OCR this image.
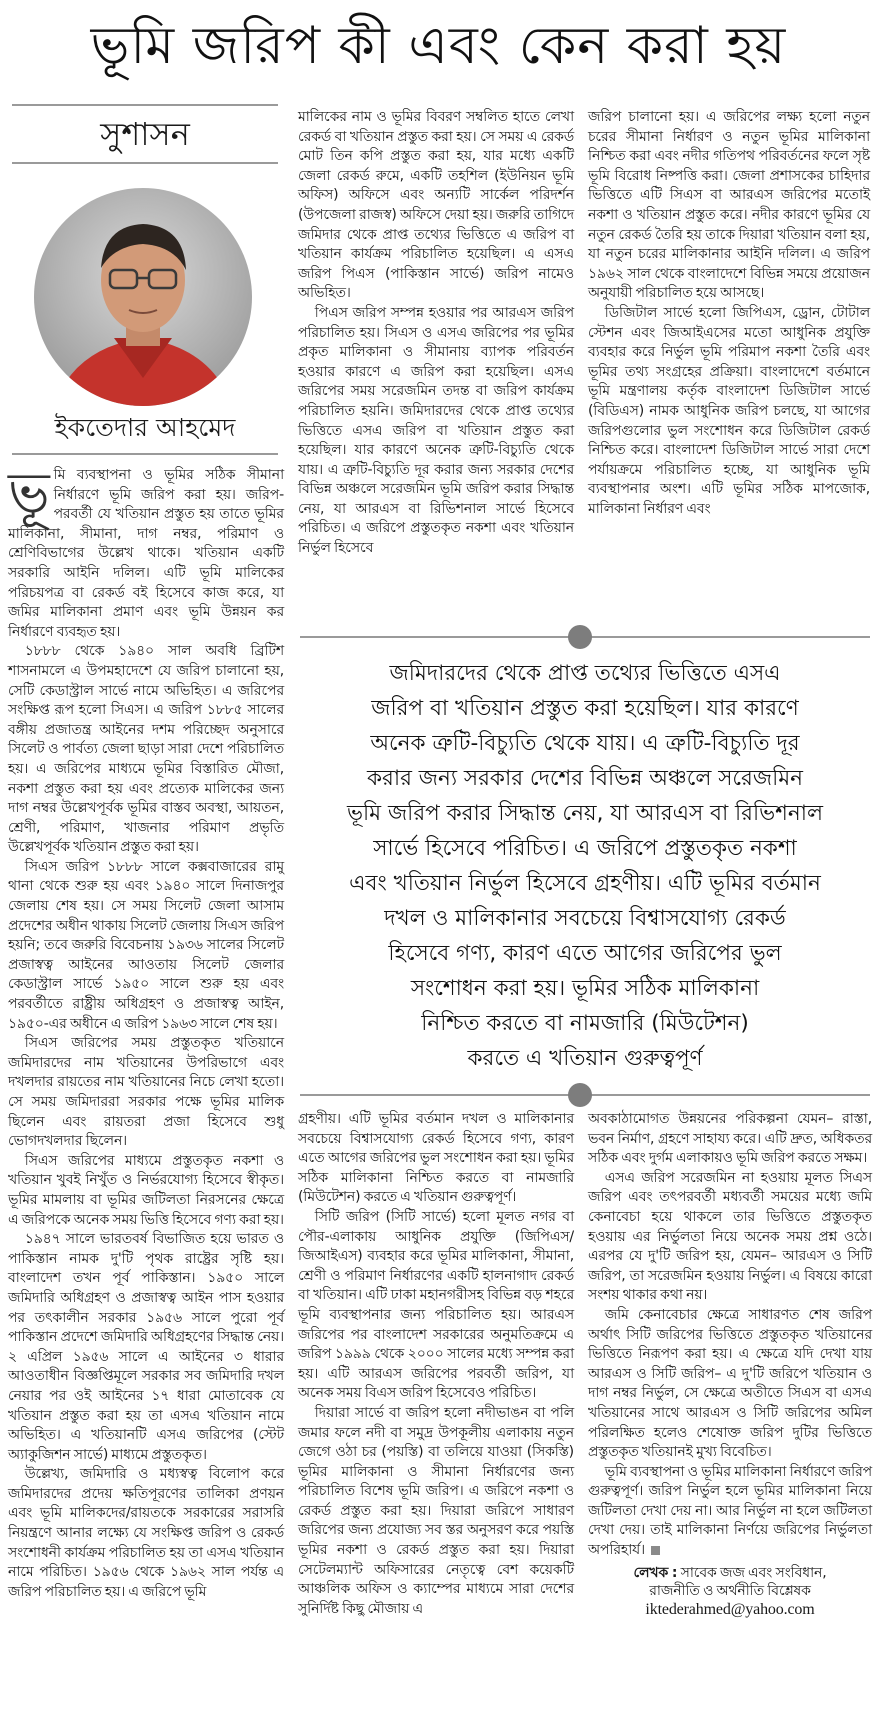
ভূমি জরিপ কী এবং কেন করা হয়
সুশাসন
ইকতেদার আহমেদ

ভূমি ব্যবস্থাপনা ও ভূমির সঠিক সীমানা নির্ধারণে ভূমি জরিপ করা হয়। জরিপ-পরবর্তী যে খতিয়ান প্রস্তুত হয় তাতে ভূমির মালিকানা, সীমানা, দাগ নম্বর, পরিমাণ ও শ্রেণিবিভাগের উল্লেখ থাকে। খতিয়ান একটি সরকারি আইনি দলিল। এটি ভূমি মালিকের পরিচয়পত্র বা রেকর্ড বই হিসেবে কাজ করে, যা জমির মালিকানা প্রমাণ এবং ভূমি উন্নয়ন কর নির্ধারণে ব্যবহৃত হয়।

১৮৮৮ থেকে ১৯৪০ সাল অবধি ব্রিটিশ শাসনামলে এ উপমহাদেশে যে জরিপ চালানো হয়, সেটি কেডাস্ট্রাল সার্ভে নামে অভিহিত। এ জরিপের সংক্ষিপ্ত রূপ হলো সিএস। এ জরিপ ১৮৮৫ সালের বঙ্গীয় প্রজাতন্ত্র আইনের দশম পরিচ্ছেদ অনুসারে সিলেট ও পার্বত্য জেলা ছাড়া সারা দেশে পরিচালিত হয়। এ জরিপের মাধ্যমে ভূমির বিস্তারিত মৌজা, নকশা প্রস্তুত করা হয় এবং প্রত্যেক মালিকের জন্য দাগ নম্বর উল্লেখপূর্বক ভূমির বাস্তব অবস্থা, আয়তন, শ্রেণী, পরিমাণ, খাজনার পরিমাণ প্রভৃতি উল্লেখপূর্বক খতিয়ান প্রস্তুত করা হয়।

সিএস জরিপ ১৮৮৮ সালে কক্সবাজারের রামু থানা থেকে শুরু হয় এবং ১৯৪০ সালে দিনাজপুর জেলায় শেষ হয়। সে সময় সিলেট জেলা আসাম প্রদেশের অধীন থাকায় সিলেট জেলায় সিএস জরিপ হয়নি; তবে জরুরি বিবেচনায় ১৯৩৬ সালের সিলেট প্রজাস্বত্ব আইনের আওতায় সিলেট জেলার কেডাস্ট্রাল সার্ভে ১৯৫০ সালে শুরু হয় এবং পরবর্তীতে রাষ্ট্রীয় অধিগ্রহণ ও প্রজাস্বত্ব আইন, ১৯৫০-এর অধীনে এ জরিপ ১৯৬৩ সালে শেষ হয়।

সিএস জরিপের সময় প্রস্তুতকৃত খতিয়ানে জমিদারদের নাম খতিয়ানের উপরিভাগে এবং দখলদার রায়তের নাম খতিয়ানের নিচে লেখা হতো। সে সময় জমিদাররা সরকার পক্ষে ভূমির মালিক ছিলেন এবং রায়তরা প্রজা হিসেবে শুধু ভোগদখলদার ছিলেন।

সিএস জরিপের মাধ্যমে প্রস্তুতকৃত নকশা ও খতিয়ান খুবই নিখুঁত ও নির্ভরযোগ্য হিসেবে স্বীকৃত। ভূমির মামলায় বা ভূমির জটিলতা নিরসনের ক্ষেত্রে এ জরিপকে অনেক সময় ভিত্তি হিসেবে গণ্য করা হয়।

১৯৪৭ সালে ভারতবর্ষ বিভাজিত হয়ে ভারত ও পাকিস্তান নামক দু'টি পৃথক রাষ্ট্রের সৃষ্টি হয়। বাংলাদেশ তখন পূর্ব পাকিস্তান। ১৯৫০ সালে জমিদারি অধিগ্রহণ ও প্রজাস্বত্ব আইন পাস হওয়ার পর তৎকালীন সরকার ১৯৫৬ সালে পুরো পূর্ব পাকিস্তান প্রদেশে জমিদারি অধিগ্রহণের সিদ্ধান্ত নেয়। ২ এপ্রিল ১৯৫৬ সালে এ আইনের ৩ ধারার আওতাধীন বিজ্ঞপ্তিমূলে সরকার সব জমিদারি দখল নেয়ার পর ওই আইনের ১৭ ধারা মোতাবেক যে খতিয়ান প্রস্তুত করা হয় তা এসএ খতিয়ান নামে অভিহিত। এ খতিয়ানটি এসএ জরিপের (স্টেট অ্যাকুজিশন সার্ভে) মাধ্যমে প্রস্তুতকৃত।

উল্লেখ্য, জমিদারি ও মধ্যস্বত্ব বিলোপ করে জমিদারদের প্রদেয় ক্ষতিপূরণের তালিকা প্রণয়ন এবং ভূমি মালিকদের/রায়তকে সরকারের সরাসরি নিয়ন্ত্রণে আনার লক্ষ্যে যে সংক্ষিপ্ত জরিপ ও রেকর্ড সংশোধনী কার্যক্রম পরিচালিত হয় তা এসএ খতিয়ান নামে পরিচিত। ১৯৫৬ থেকে ১৯৬২ সাল পর্যন্ত এ জরিপ পরিচালিত হয়। এ জরিপে ভূমি

মালিকের নাম ও ভূমির বিবরণ সম্বলিত হাতে লেখা রেকর্ড বা খতিয়ান প্রস্তুত করা হয়। সে সময় এ রেকর্ড মোট তিন কপি প্রস্তুত করা হয়, যার মধ্যে একটি জেলা রেকর্ড রুমে, একটি তহশিল (ইউনিয়ন ভূমি অফিস) অফিসে এবং অন্যটি সার্কেল পরিদর্শন (উপজেলা রাজস্ব) অফিসে দেয়া হয়। জরুরি তাগিদে জমিদার থেকে প্রাপ্ত তথ্যের ভিত্তিতে এ জরিপ বা খতিয়ান কার্যক্রম পরিচালিত হয়েছিল। এ এসএ জরিপ পিএস (পাকিস্তান সার্ভে) জরিপ নামেও অভিহিত।

পিএস জরিপ সম্পন্ন হওয়ার পর আরএস জরিপ পরিচালিত হয়। সিএস ও এসএ জরিপের পর ভূমির প্রকৃত মালিকানা ও সীমানায় ব্যাপক পরিবর্তন হওয়ার কারণে এ জরিপ করা হয়েছিল। এসএ জরিপের সময় সরেজমিন তদন্ত বা জরিপ কার্যক্রম পরিচালিত হয়নি। জমিদারদের থেকে প্রাপ্ত তথ্যের ভিত্তিতে এসএ জরিপ বা খতিয়ান প্রস্তুত করা হয়েছিল। যার কারণে অনেক ত্রুটি-বিচ্যুতি থেকে যায়। এ ত্রুটি-বিচ্যুতি দূর করার জন্য সরকার দেশের বিভিন্ন অঞ্চলে সরেজমিন ভূমি জরিপ করার সিদ্ধান্ত নেয়, যা আরএস বা রিভিশনাল সার্ভে হিসেবে পরিচিত। এ জরিপে প্রস্তুতকৃত নকশা এবং খতিয়ান নির্ভুল হিসেবে

জরিপ চালানো হয়। এ জরিপের লক্ষ্য হলো নতুন চরের সীমানা নির্ধারণ ও নতুন ভূমির মালিকানা নিশ্চিত করা এবং নদীর গতিপথ পরিবর্তনের ফলে সৃষ্ট ভূমি বিরোধ নিষ্পত্তি করা। জেলা প্রশাসকের চাহিদার ভিত্তিতে এটি সিএস বা আরএস জরিপের মতোই নকশা ও খতিয়ান প্রস্তুত করে। নদীর কারণে ভূমির যে নতুন রেকর্ড তৈরি হয় তাকে দিয়ারা খতিয়ান বলা হয়, যা নতুন চরের মালিকানার আইনি দলিল। এ জরিপ ১৯৬২ সাল থেকে বাংলাদেশে বিভিন্ন সময়ে প্রয়োজন অনুযায়ী পরিচালিত হয়ে আসছে।

ডিজিটাল সার্ভে হলো জিপিএস, ড্রোন, টোটাল স্টেশন এবং জিআইএসের মতো আধুনিক প্রযুক্তি ব্যবহার করে নির্ভুল ভূমি পরিমাপ নকশা তৈরি এবং ভূমির তথ্য সংগ্রহের প্রক্রিয়া। বাংলাদেশে বর্তমানে ভূমি মন্ত্রণালয় কর্তৃক বাংলাদেশ ডিজিটাল সার্ভে (বিডিএস) নামক আধুনিক জরিপ চলছে, যা আগের জরিপগুলোর ভুল সংশোধন করে ডিজিটাল রেকর্ড নিশ্চিত করে। বাংলাদেশ ডিজিটাল সার্ভে সারা দেশে পর্যায়ক্রমে পরিচালিত হচ্ছে, যা আধুনিক ভূমি ব্যবস্থাপনার অংশ। এটি ভূমির সঠিক মাপজোক, মালিকানা নির্ধারণ এবং

জমিদারদের থেকে প্রাপ্ত তথ্যের ভিত্তিতে এসএ
জরিপ বা খতিয়ান প্রস্তুত করা হয়েছিল। যার কারণে
অনেক ত্রুটি-বিচ্যুতি থেকে যায়। এ ত্রুটি-বিচ্যুতি দূর
করার জন্য সরকার দেশের বিভিন্ন অঞ্চলে সরেজমিন
ভূমি জরিপ করার সিদ্ধান্ত নেয়, যা আরএস বা রিভিশনাল
সার্ভে হিসেবে পরিচিত। এ জরিপে প্রস্তুতকৃত নকশা
এবং খতিয়ান নির্ভুল হিসেবে গ্রহণীয়। এটি ভূমির বর্তমান
দখল ও মালিকানার সবচেয়ে বিশ্বাসযোগ্য রেকর্ড
হিসেবে গণ্য, কারণ এতে আগের জরিপের ভুল
সংশোধন করা হয়। ভূমির সঠিক মালিকানা
নিশ্চিত করতে বা নামজারি (মিউটেশন)
করতে এ খতিয়ান গুরুত্বপূর্ণ

গ্রহণীয়। এটি ভূমির বর্তমান দখল ও মালিকানার সবচেয়ে বিশ্বাসযোগ্য রেকর্ড হিসেবে গণ্য, কারণ এতে আগের জরিপের ভুল সংশোধন করা হয়। ভূমির সঠিক মালিকানা নিশ্চিত করতে বা নামজারি (মিউটেশন) করতে এ খতিয়ান গুরুত্বপূর্ণ।

সিটি জরিপ (সিটি সার্ভে) হলো মূলত নগর বা পৌর-এলাকায় আধুনিক প্রযুক্তি (জিপিএস/জিআইএস) ব্যবহার করে ভূমির মালিকানা, সীমানা, শ্রেণী ও পরিমাণ নির্ধারণের একটি হালনাগাদ রেকর্ড বা খতিয়ান। এটি ঢাকা মহানগরীসহ বিভিন্ন বড় শহরে ভূমি ব্যবস্থাপনার জন্য পরিচালিত হয়। আরএস জরিপের পর বাংলাদেশ সরকারের অনুমতিক্রমে এ জরিপ ১৯৯৯ থেকে ২০০০ সালের মধ্যে সম্পন্ন করা হয়। এটি আরএস জরিপের পরবর্তী জরিপ, যা অনেক সময় বিএস জরিপ হিসেবেও পরিচিত।

দিয়ারা সার্ভে বা জরিপ হলো নদীভাঙন বা পলি জমার ফলে নদী বা সমুদ্র উপকূলীয় এলাকায় নতুন জেগে ওঠা চর (পয়স্তি) বা তলিয়ে যাওয়া (সিকস্তি) ভূমির মালিকানা ও সীমানা নির্ধারণের জন্য পরিচালিত বিশেষ ভূমি জরিপ। এ জরিপে নকশা ও রেকর্ড প্রস্তুত করা হয়। দিয়ারা জরিপে সাধারণ জরিপের জন্য প্রযোজ্য সব স্তর অনুসরণ করে পয়স্তি ভূমির নকশা ও রেকর্ড প্রস্তুত করা হয়। দিয়ারা সেটেলম্যান্ট অফিসারের নেতৃত্বে বেশ কয়েকটি আঞ্চলিক অফিস ও ক্যাম্পের মাধ্যমে সারা দেশের সুনির্দিষ্ট কিছু মৌজায় এ

অবকাঠামোগত উন্নয়নের পরিকল্পনা যেমন– রাস্তা, ভবন নির্মাণ, গ্রহণে সাহায্য করে। এটি দ্রুত, অধিকতর সঠিক এবং দুর্গম এলাকায়ও ভূমি জরিপ করতে সক্ষম।

এসএ জরিপ সরেজমিন না হওয়ায় মূলত সিএস জরিপ এবং তৎপরবর্তী মধ্যবর্তী সময়ের মধ্যে জমি কেনাবেচা হয়ে থাকলে তার ভিত্তিতে প্রস্তুতকৃত হওয়ায় এর নির্ভুলতা নিয়ে অনেক সময় প্রশ্ন ওঠে। এরপর যে দু'টি জরিপ হয়, যেমন– আরএস ও সিটি জরিপ, তা সরেজমিন হওয়ায় নির্ভুল। এ বিষয়ে কারো সংশয় থাকার কথা নয়।

জমি কেনাবেচার ক্ষেত্রে সাধারণত শেষ জরিপ অর্থাৎ সিটি জরিপের ভিত্তিতে প্রস্তুতকৃত খতিয়ানের ভিত্তিতে নিরূপণ করা হয়। এ ক্ষেত্রে যদি দেখা যায় আরএস ও সিটি জরিপ– এ দু'টি জরিপে খতিয়ান ও দাগ নম্বর নির্ভুল, সে ক্ষেত্রে অতীতে সিএস বা এসএ খতিয়ানের সাথে আরএস ও সিটি জরিপের অমিল পরিলক্ষিত হলেও শেষোক্ত জরিপ দুটির ভিত্তিতে প্রস্তুতকৃত খতিয়ানই মুখ্য বিবেচিত।

ভূমি ব্যবস্থাপনা ও ভূমির মালিকানা নির্ধারণে জরিপ গুরুত্বপূর্ণ। জরিপ নির্ভুল হলে ভূমির মালিকানা নিয়ে জটিলতা দেখা দেয় না। আর নির্ভুল না হলে জটিলতা দেখা দেয়। তাই মালিকানা নির্ণয়ে জরিপের নির্ভুলতা অপরিহার্য।

লেখক : সাবেক জজ এবং সংবিধান,
রাজনীতি ও অর্থনীতি বিশ্লেষক
iktederahmed@yahoo.com
